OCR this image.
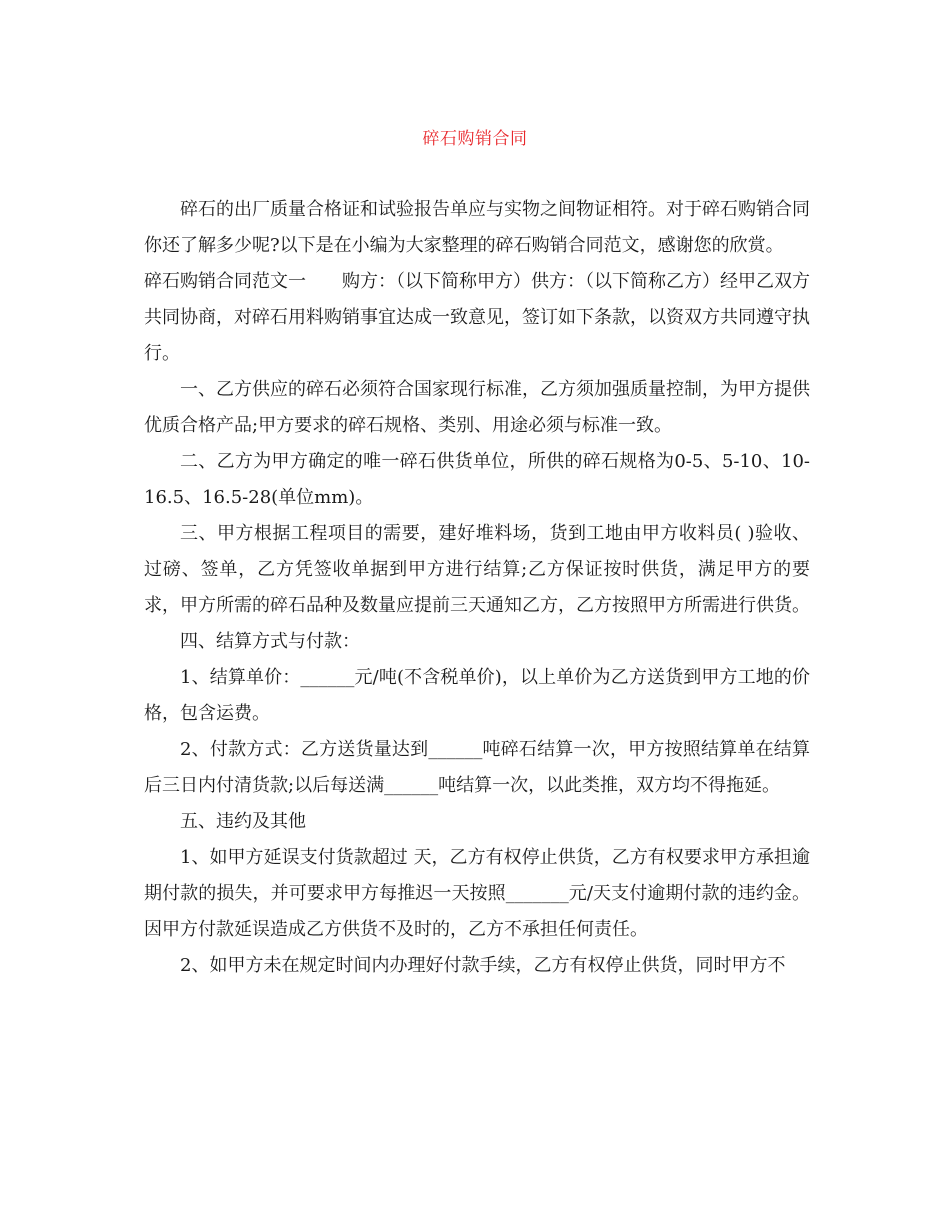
碎石购销合同

碎石的出厂质量合格证和试验报告单应与实物之间物证相符。对于碎石购销合同你还了解多少呢?以下是在小编为大家整理的碎石购销合同范文，感谢您的欣赏。

碎石购销合同范文一　　购方：（以下简称甲方）供方：（以下简称乙方）经甲乙双方共同协商，对碎石用料购销事宜达成一致意见，签订如下条款，以资双方共同遵守执行。

一、乙方供应的碎石必须符合国家现行标准，乙方须加强质量控制，为甲方提供优质合格产品;甲方要求的碎石规格、类别、用途必须与标准一致。

二、乙方为甲方确定的唯一碎石供货单位，所供的碎石规格为0-5、5-10、10-16.5、16.5-28(单位mm)。

三、甲方根据工程项目的需要，建好堆料场，货到工地由甲方收料员( )验收、过磅、签单，乙方凭签收单据到甲方进行结算;乙方保证按时供货，满足甲方的要求，甲方所需的碎石品种及数量应提前三天通知乙方，乙方按照甲方所需进行供货。

四、结算方式与付款：

1、结算单价：______元/吨(不含税单价)，以上单价为乙方送货到甲方工地的价格，包含运费。

2、付款方式：乙方送货量达到______吨碎石结算一次，甲方按照结算单在结算后三日内付清货款;以后每送满______吨结算一次，以此类推，双方均不得拖延。

五、违约及其他

1、如甲方延误支付货款超过 天，乙方有权停止供货，乙方有权要求甲方承担逾期付款的损失，并可要求甲方每推迟一天按照_______元/天支付逾期付款的违约金。因甲方付款延误造成乙方供货不及时的，乙方不承担任何责任。

2、如甲方未在规定时间内办理好付款手续，乙方有权停止供货，同时甲方不
